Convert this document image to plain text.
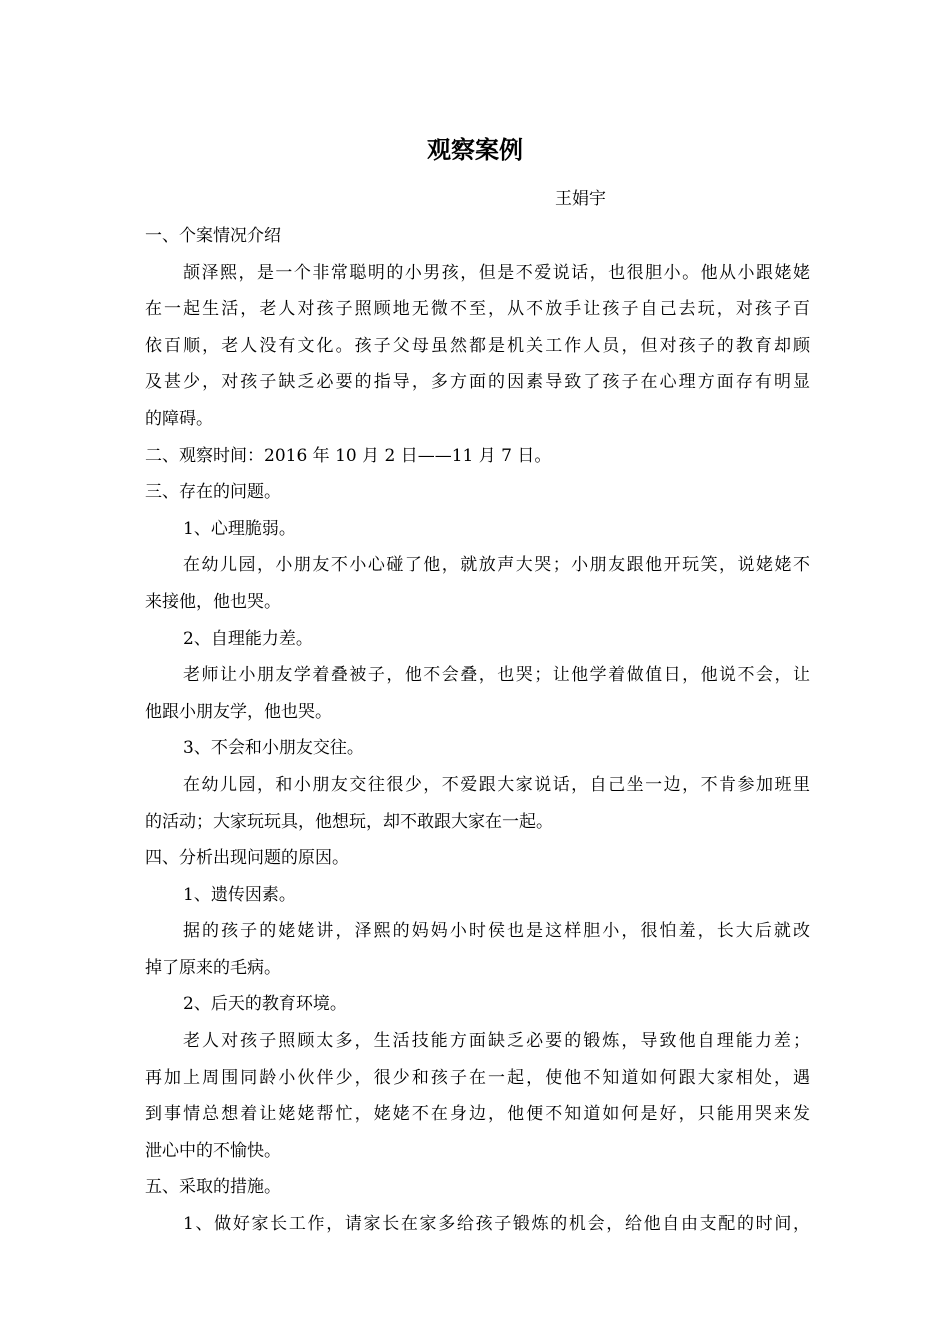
观察案例
王娟宇
一、个案情况介绍
颉泽熙，是一个非常聪明的小男孩，但是不爱说话，也很胆小。他从小跟姥姥
在一起生活，老人对孩子照顾地无微不至，从不放手让孩子自己去玩，对孩子百
依百顺，老人没有文化。孩子父母虽然都是机关工作人员，但对孩子的教育却顾
及甚少，对孩子缺乏必要的指导，多方面的因素导致了孩子在心理方面存有明显
的障碍。
二、观察时间：2016 年 10 月 2 日——11 月 7 日。
三、存在的问题。
1、心理脆弱。
在幼儿园，小朋友不小心碰了他，就放声大哭；小朋友跟他开玩笑，说姥姥不
来接他，他也哭。
2、自理能力差。
老师让小朋友学着叠被子，他不会叠，也哭；让他学着做值日，他说不会，让
他跟小朋友学，他也哭。
3、不会和小朋友交往。
在幼儿园，和小朋友交往很少，不爱跟大家说话，自己坐一边，不肯参加班里
的活动；大家玩玩具，他想玩，却不敢跟大家在一起。
四、分析出现问题的原因。
1、遗传因素。
据的孩子的姥姥讲，泽熙的妈妈小时侯也是这样胆小，很怕羞，长大后就改
掉了原来的毛病。
2、后天的教育环境。
老人对孩子照顾太多，生活技能方面缺乏必要的锻炼，导致他自理能力差；
再加上周围同龄小伙伴少，很少和孩子在一起，使他不知道如何跟大家相处，遇
到事情总想着让姥姥帮忙，姥姥不在身边，他便不知道如何是好，只能用哭来发
泄心中的不愉快。
五、采取的措施。
1、做好家长工作，请家长在家多给孩子锻炼的机会，给他自由支配的时间，
